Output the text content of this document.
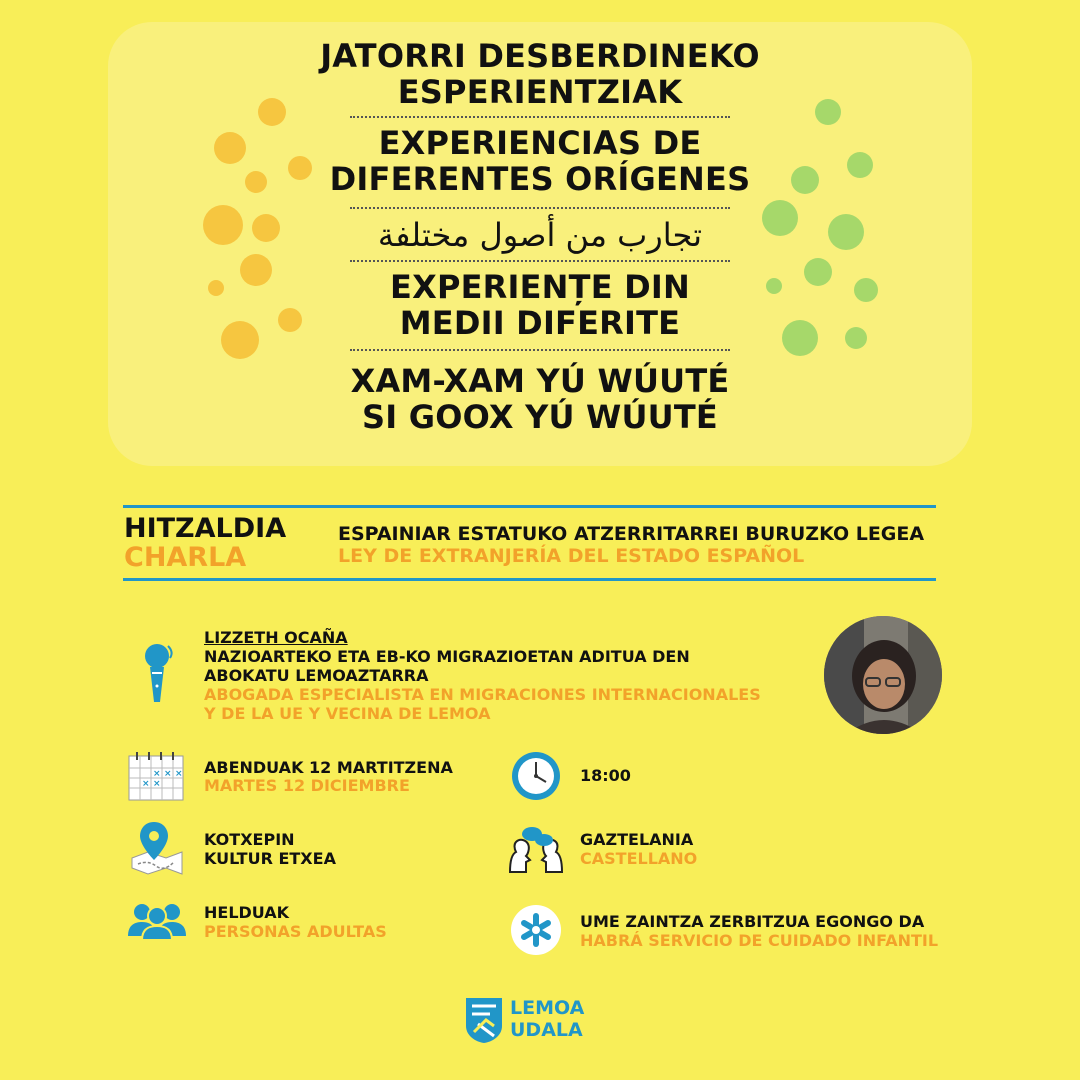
JATORRI DESBERDINEKO
ESPERIENTZIAK
EXPERIENCIAS DE
DIFERENTES ORÍGENES
تجارب من أصول مختلفة
EXPERIENȚE DIN
MEDII DIFERITE
XAM-XAM YÚ WÚUTÉ
SI GOOX YÚ WÚUTÉ
HITZALDIA
CHARLA
ESPAINIAR ESTATUKO ATZERRITARREI BURUZKO LEGEA
LEY DE EXTRANJERÍA DEL ESTADO ESPAÑOL
LIZZETH OCAÑA
NAZIOARTEKO ETA EB-KO MIGRAZIOETAN ADITUA DEN
ABOKATU LEMOAZTARRA
ABOGADA ESPECIALISTA EN MIGRACIONES INTERNACIONALES
Y DE LA UE Y VECINA DE LEMOA
× × ×
× ×
ABENDUAK 12 MARTITZENA
MARTES 12 DICIEMBRE
18:00
KOTXEPIN
KULTUR ETXEA
GAZTELANIA
CASTELLANO
HELDUAK
PERSONAS ADULTAS
UME ZAINTZA ZERBITZUA EGONGO DA
HABRÁ SERVICIO DE CUIDADO INFANTIL
LEMOA
UDALA
